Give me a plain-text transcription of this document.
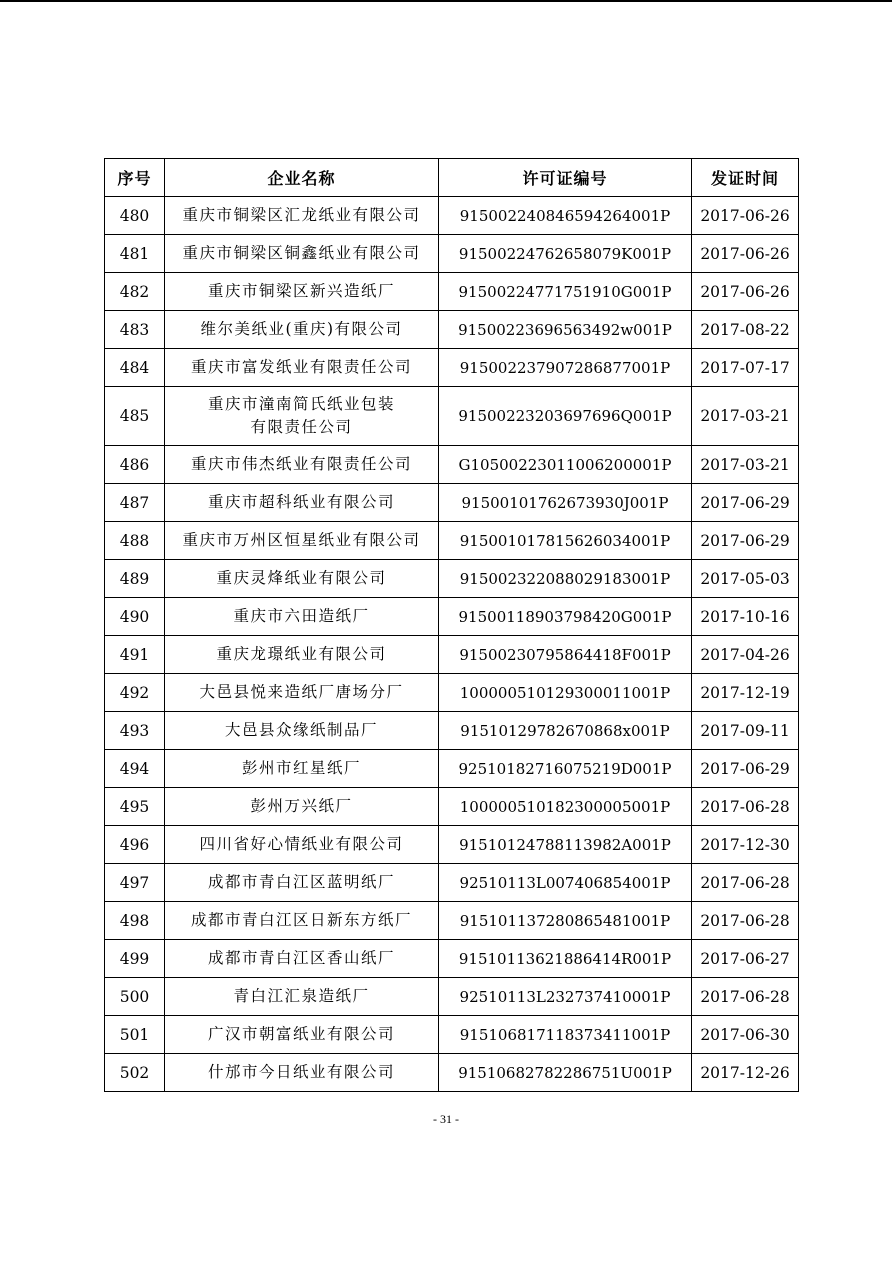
序号	企业名称	许可证编号	发证时间
480	重庆市铜梁区汇龙纸业有限公司	915002240846594264001P	2017-06-26
481	重庆市铜梁区铜鑫纸业有限公司	91500224762658079K001P	2017-06-26
482	重庆市铜梁区新兴造纸厂	91500224771751910G001P	2017-06-26
483	维尔美纸业(重庆)有限公司	91500223696563492w001P	2017-08-22
484	重庆市富发纸业有限责任公司	915002237907286877001P	2017-07-17
485	重庆市潼南简氏纸业包装
有限责任公司	91500223203697696Q001P	2017-03-21
486	重庆市伟杰纸业有限责任公司	G10500223011006200001P	2017-03-21
487	重庆市超科纸业有限公司	91500101762673930J001P	2017-06-29
488	重庆市万州区恒星纸业有限公司	915001017815626034001P	2017-06-29
489	重庆灵烽纸业有限公司	915002322088029183001P	2017-05-03
490	重庆市六田造纸厂	91500118903798420G001P	2017-10-16
491	重庆龙璟纸业有限公司	91500230795864418F001P	2017-04-26
492	大邑县悦来造纸厂唐场分厂	100000510129300011001P	2017-12-19
493	大邑县众缘纸制品厂	91510129782670868x001P	2017-09-11
494	彭州市红星纸厂	92510182716075219D001P	2017-06-29
495	彭州万兴纸厂	100000510182300005001P	2017-06-28
496	四川省好心情纸业有限公司	91510124788113982A001P	2017-12-30
497	成都市青白江区蓝明纸厂	92510113L007406854001P	2017-06-28
498	成都市青白江区日新东方纸厂	915101137280865481001P	2017-06-28
499	成都市青白江区香山纸厂	91510113621886414R001P	2017-06-27
500	青白江汇泉造纸厂	92510113L232737410001P	2017-06-28
501	广汉市朝富纸业有限公司	915106817118373411001P	2017-06-30
502	什邡市今日纸业有限公司	91510682782286751U001P	2017-12-26
- 31 -
